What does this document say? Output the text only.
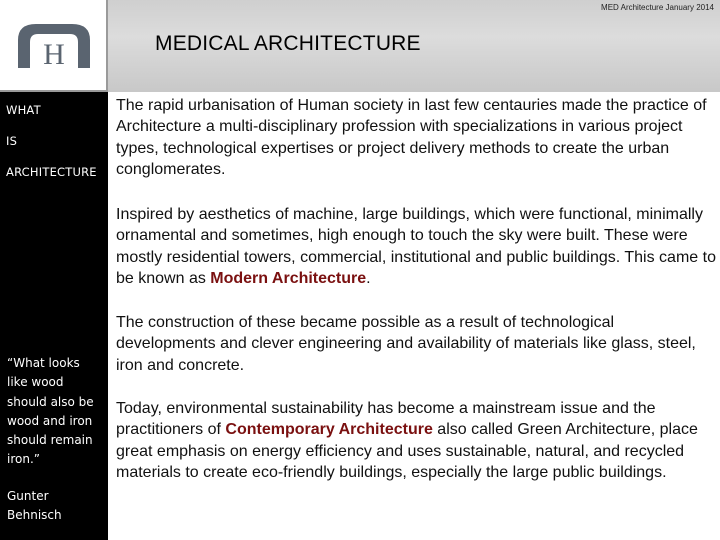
H
MED Architecture January 2014
MEDICAL ARCHITECTURE
WHAT
IS
ARCHITECTURE
“What looks
like wood
should also be
wood and iron
should remain
iron.”
Gunter
Behnisch
The rapid urbanisation of Human society in last few centauries made the practice of Architecture a multi-disciplinary profession with specializations in various project types, technological expertises or project delivery methods to create the urban conglomerates.
Inspired by aesthetics of machine, large buildings, which were functional, minimally ornamental and sometimes, high enough to touch the sky were built. These were mostly residential towers, commercial, institutional and public buildings. This came to be known as Modern Architecture.
The construction of these became possible as a result of technological developments and clever engineering and availability of materials like glass, steel, iron and concrete.
Today, environmental sustainability has become a mainstream issue and the practitioners of Contemporary Architecture also called Green Architecture, place great emphasis on energy efficiency and uses sustainable, natural, and recycled materials to create eco-friendly buildings, especially the large public buildings.
